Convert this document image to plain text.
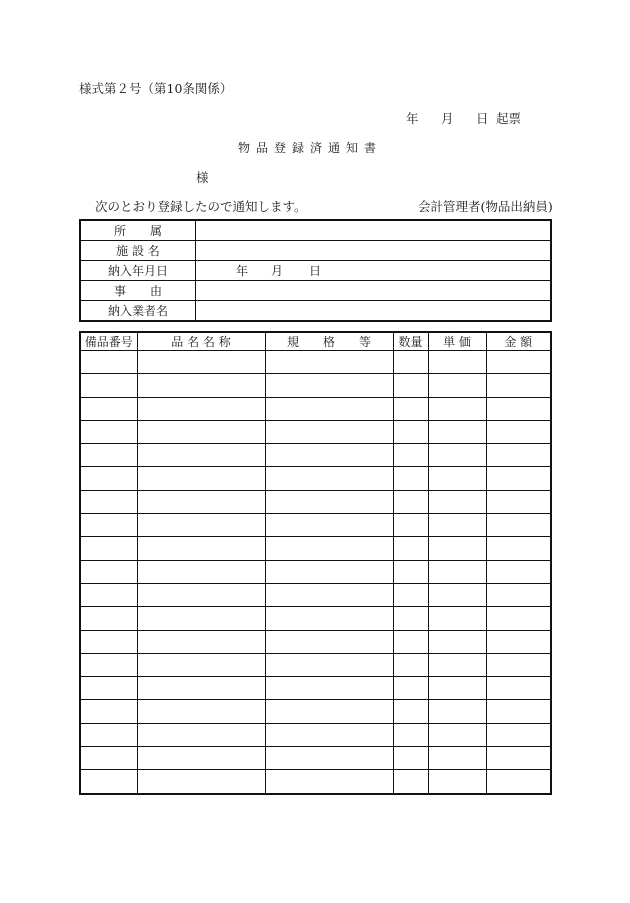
様式第２号（第10条関係）
年 月 日 起票
物品登録済通知書
様
次のとおり登録したので通知します。	会計管理者(物品出納員)
所　　属	
施 設 名	
納入年月日	年 月 日
事　　由	
納入業者名	
備品番号	品 名 名 称	規　　格　　等	数量	単 価	金 額
